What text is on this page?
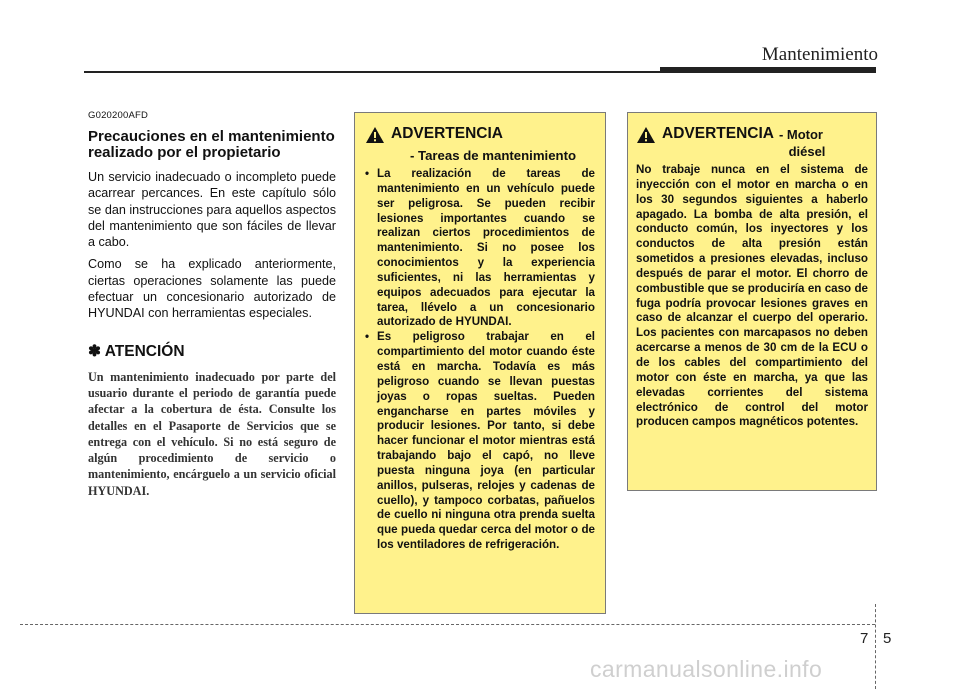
Mantenimiento
G020200AFD
Precauciones en el mantenimiento realizado por el propietario

Un servicio inadecuado o incompleto puede acarrear percances. En este capítulo sólo se dan instrucciones para aquellos aspectos del mantenimiento que son fáciles de llevar a cabo.

Como se ha explicado anteriormente, ciertas operaciones solamente las puede efectuar un concesionario autorizado de HYUNDAI con herramientas especiales.

✽ ATENCIÓN

Un mantenimiento inadecuado por parte del usuario durante el periodo de garantía puede afectar a la cobertura de ésta. Consulte los detalles en el Pasaporte de Servicios que se entrega con el vehículo. Si no está seguro de algún procedimiento de servicio o mantenimiento, encárguelo a un servicio oficial HYUNDAI.

ADVERTENCIA
- Tareas de mantenimiento
• La realización de tareas de mantenimiento en un vehículo puede ser peligrosa. Se pueden recibir lesiones importantes cuando se realizan ciertos procedimientos de mantenimiento. Si no posee los conocimientos y la experiencia suficientes, ni las herramientas y equipos adecuados para ejecutar la tarea, llévelo a un concesionario autorizado de HYUNDAI.
• Es peligroso trabajar en el compartimiento del motor cuando éste está en marcha. Todavía es más peligroso cuando se llevan puestas joyas o ropas sueltas. Pueden engancharse en partes móviles y producir lesiones. Por tanto, si debe hacer funcionar el motor mientras está trabajando bajo el capó, no lleve puesta ninguna joya (en particular anillos, pulseras, relojes y cadenas de cuello), y tampoco corbatas, pañuelos de cuello ni ninguna otra prenda suelta que pueda quedar cerca del motor o de los ventiladores de refrigeración.
ADVERTENCIA - Motor
diésel
No trabaje nunca en el sistema de inyección con el motor en marcha o en los 30 segundos siguientes a haberlo apagado. La bomba de alta presión, el conducto común, los inyectores y los conductos de alta presión están sometidos a presiones elevadas, incluso después de parar el motor. El chorro de combustible que se produciría en caso de fuga podría provocar lesiones graves en caso de alcanzar el cuerpo del operario. Los pacientes con marcapasos no deben acercarse a menos de 30 cm de la ECU o de los cables del compartimiento del motor con éste en marcha, ya que las elevadas corrientes del sistema electrónico de control del motor producen campos magnéticos potentes.
7 5
carmanualsonline.info
